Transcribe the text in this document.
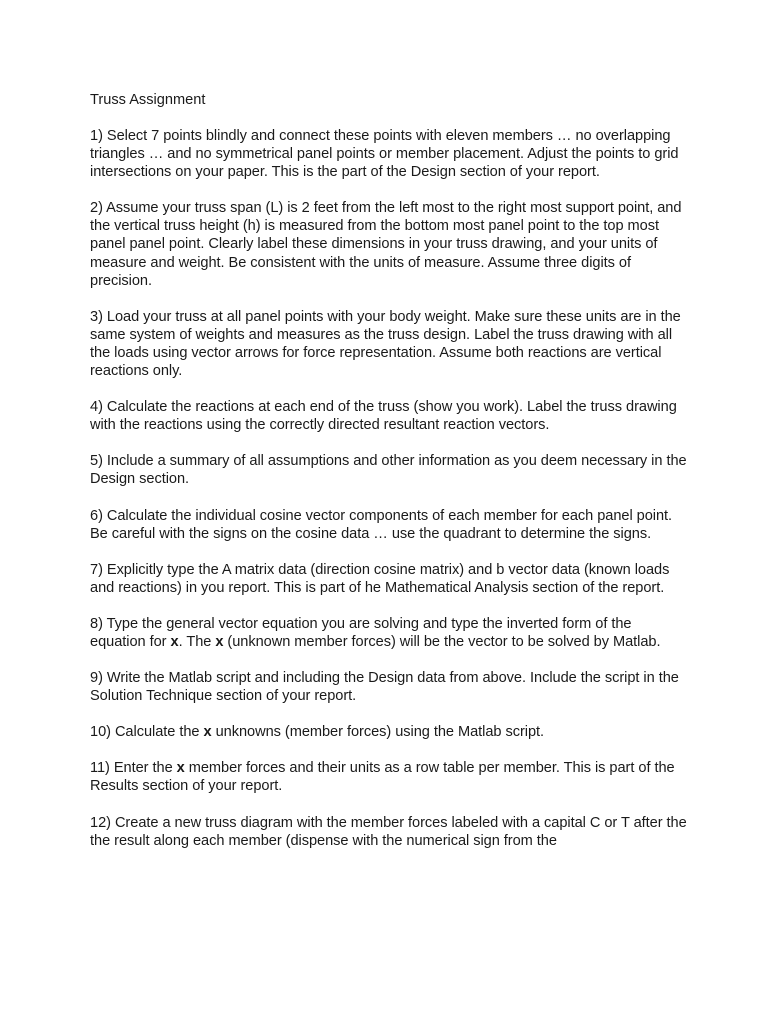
Truss Assignment

1) Select 7 points blindly and connect these points with eleven members … no overlapping triangles … and no symmetrical panel points or member placement. Adjust the points to grid intersections on your paper. This is the part of the Design section of your report.

2) Assume your truss span (L) is 2 feet from the left most to the right most support point, and the vertical truss height (h) is measured from the bottom most panel point to the top most panel panel point. Clearly label these dimensions in your truss drawing, and your units of measure and weight. Be consistent with the units of measure. Assume three digits of precision.

3) Load your truss at all panel points with your body weight. Make sure these units are in the same system of weights and measures as the truss design. Label the truss drawing with all the loads using vector arrows for force representation. Assume both reactions are vertical reactions only.

4) Calculate the reactions at each end of the truss (show you work). Label the truss drawing with the reactions using the correctly directed resultant reaction vectors.

5) Include a summary of all assumptions and other information as you deem necessary in the Design section.

6) Calculate the individual cosine vector components of each member for each panel point. Be careful with the signs on the cosine data … use the quadrant to determine the signs.

7) Explicitly type the A matrix data (direction cosine matrix) and b vector data (known loads and reactions) in you report. This is part of he Mathematical Analysis section of the report.

8) Type the general vector equation you are solving and type the inverted form of the equation for x. The x (unknown member forces) will be the vector to be solved by Matlab.

9) Write the Matlab script and including the Design data from above. Include the script in the Solution Technique section of your report.

10) Calculate the x unknowns (member forces) using the Matlab script.

11) Enter the x member forces and their units as a row table per member. This is part of the Results section of your report.

12) Create a new truss diagram with the member forces labeled with a capital C or T after the the result along each member (dispense with the numerical sign from the
